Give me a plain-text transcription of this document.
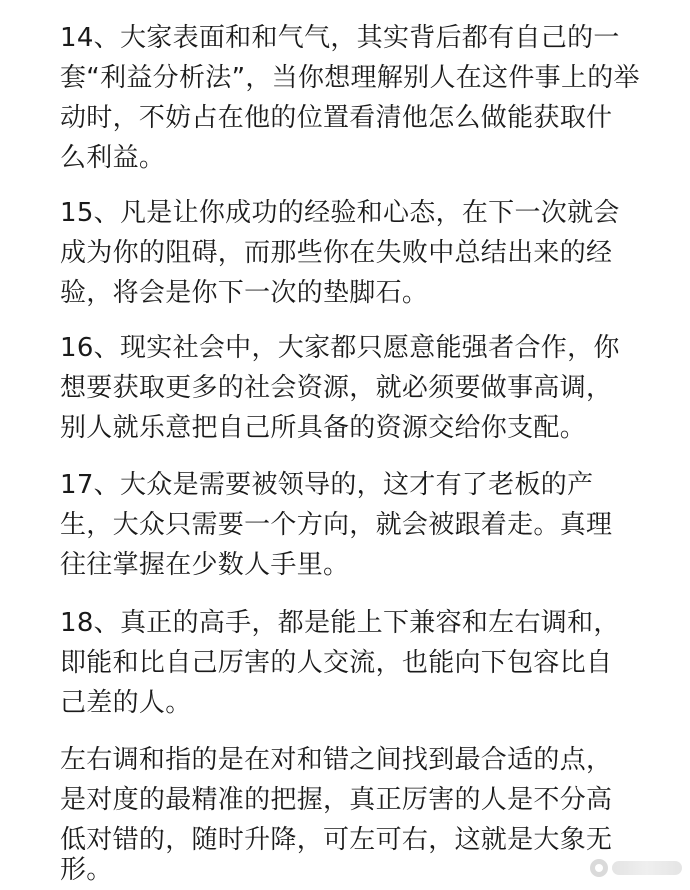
14、大家表面和和气气，其实背后都有自己的一
套“利益分析法”，当你想理解别人在这件事上的举
动时，不妨占在他的位置看清他怎么做能获取什
么利益。
15、凡是让你成功的经验和心态，在下一次就会
成为你的阻碍，而那些你在失败中总结出来的经
验，将会是你下一次的垫脚石。
16、现实社会中，大家都只愿意能强者合作，你
想要获取更多的社会资源，就必须要做事高调，
别人就乐意把自己所具备的资源交给你支配。
17、大众是需要被领导的，这才有了老板的产
生，大众只需要一个方向，就会被跟着走。真理
往往掌握在少数人手里。
18、真正的高手，都是能上下兼容和左右调和，
即能和比自己厉害的人交流，也能向下包容比自
己差的人。
左右调和指的是在对和错之间找到最合适的点，
是对度的最精准的把握，真正厉害的人是不分高
低对错的，随时升降，可左可右，这就是大象无
形。
